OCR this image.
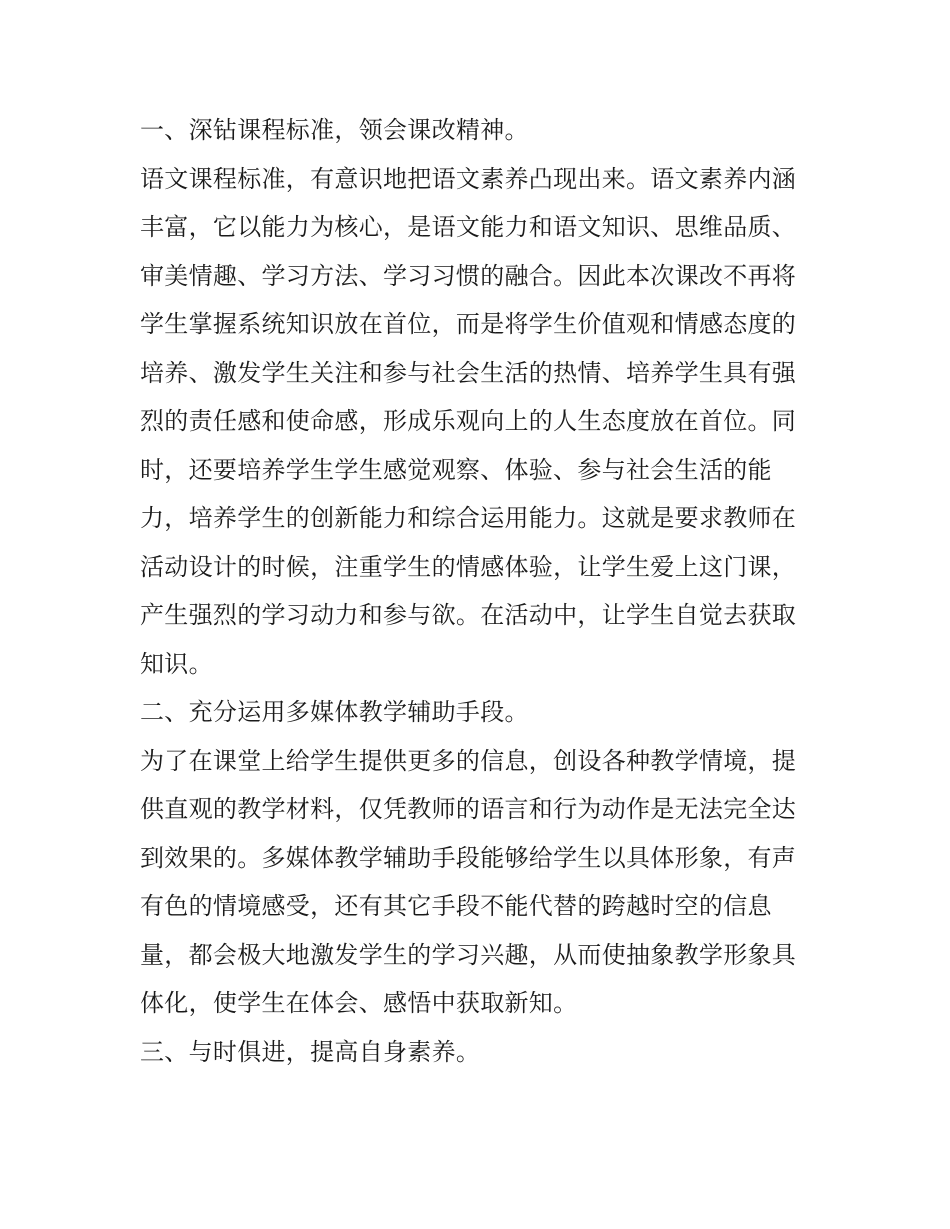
一、深钻课程标准，领会课改精神。
语文课程标准，有意识地把语文素养凸现出来。语文素养内涵
丰富，它以能力为核心，是语文能力和语文知识、思维品质、
审美情趣、学习方法、学习习惯的融合。因此本次课改不再将
学生掌握系统知识放在首位，而是将学生价值观和情感态度的
培养、激发学生关注和参与社会生活的热情、培养学生具有强
烈的责任感和使命感，形成乐观向上的人生态度放在首位。同
时，还要培养学生学生感觉观察、体验、参与社会生活的能
力，培养学生的创新能力和综合运用能力。这就是要求教师在
活动设计的时候，注重学生的情感体验，让学生爱上这门课，
产生强烈的学习动力和参与欲。在活动中，让学生自觉去获取
知识。
二、充分运用多媒体教学辅助手段。
为了在课堂上给学生提供更多的信息，创设各种教学情境，提
供直观的教学材料，仅凭教师的语言和行为动作是无法完全达
到效果的。多媒体教学辅助手段能够给学生以具体形象，有声
有色的情境感受，还有其它手段不能代替的跨越时空的信息
量，都会极大地激发学生的学习兴趣，从而使抽象教学形象具
体化，使学生在体会、感悟中获取新知。
三、与时俱进，提高自身素养。
